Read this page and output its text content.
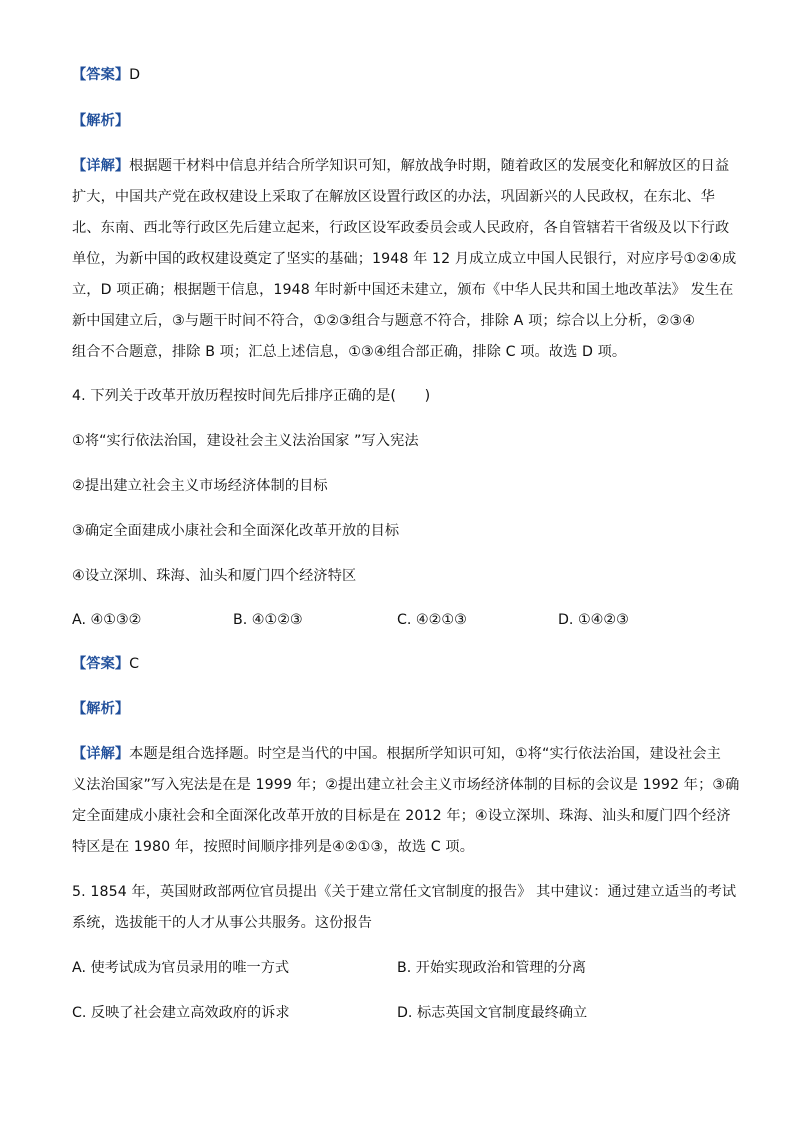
【答案】D
【解析】
【详解】根据题干材料中信息并结合所学知识可知，解放战争时期，随着政区的发展变化和解放区的日益
扩大，中国共产党在政权建设上采取了在解放区设置行政区的办法，巩固新兴的人民政权，在东北、华
北、东南、西北等行政区先后建立起来，行政区设军政委员会或人民政府，各自管辖若干省级及以下行政
单位，为新中国的政权建设奠定了坚实的基础；1948 年 12 月成立成立中国人民银行，对应序号①②④成
立，D 项正确；根据题干信息，1948 年时新中国还未建立，颁布《中华人民共和国土地改革法》 发生在
新中国建立后，③与题干时间不符合，①②③组合与题意不符合，排除 A 项；综合以上分析，②③④
组合不合题意，排除 B 项；汇总上述信息，①③④组合部正确，排除 C 项。故选 D 项。
4. 下列关于改革开放历程按时间先后排序正确的是(　　)
①将“实行依法治国，建设社会主义法治国家 ”写入宪法
②提出建立社会主义市场经济体制的目标
③确定全面建成小康社会和全面深化改革开放的目标
④设立深圳、珠海、汕头和厦门四个经济特区
A. ④①③②	B. ④①②③	C. ④②①③	D. ①④②③
【答案】C
【解析】
【详解】本题是组合选择题。时空是当代的中国。根据所学知识可知，①将“实行依法治国，建设社会主
义法治国家”写入宪法是在是 1999 年；②提出建立社会主义市场经济体制的目标的会议是 1992 年；③确
定全面建成小康社会和全面深化改革开放的目标是在 2012 年；④设立深圳、珠海、汕头和厦门四个经济
特区是在 1980 年，按照时间顺序排列是④②①③，故选 C 项。
5. 1854 年，英国财政部两位官员提出《关于建立常任文官制度的报告》 其中建议：通过建立适当的考试
系统，选拔能干的人才从事公共服务。这份报告
A. 使考试成为官员录用的唯一方式	B. 开始实现政治和管理的分离
C. 反映了社会建立高效政府的诉求	D. 标志英国文官制度最终确立
